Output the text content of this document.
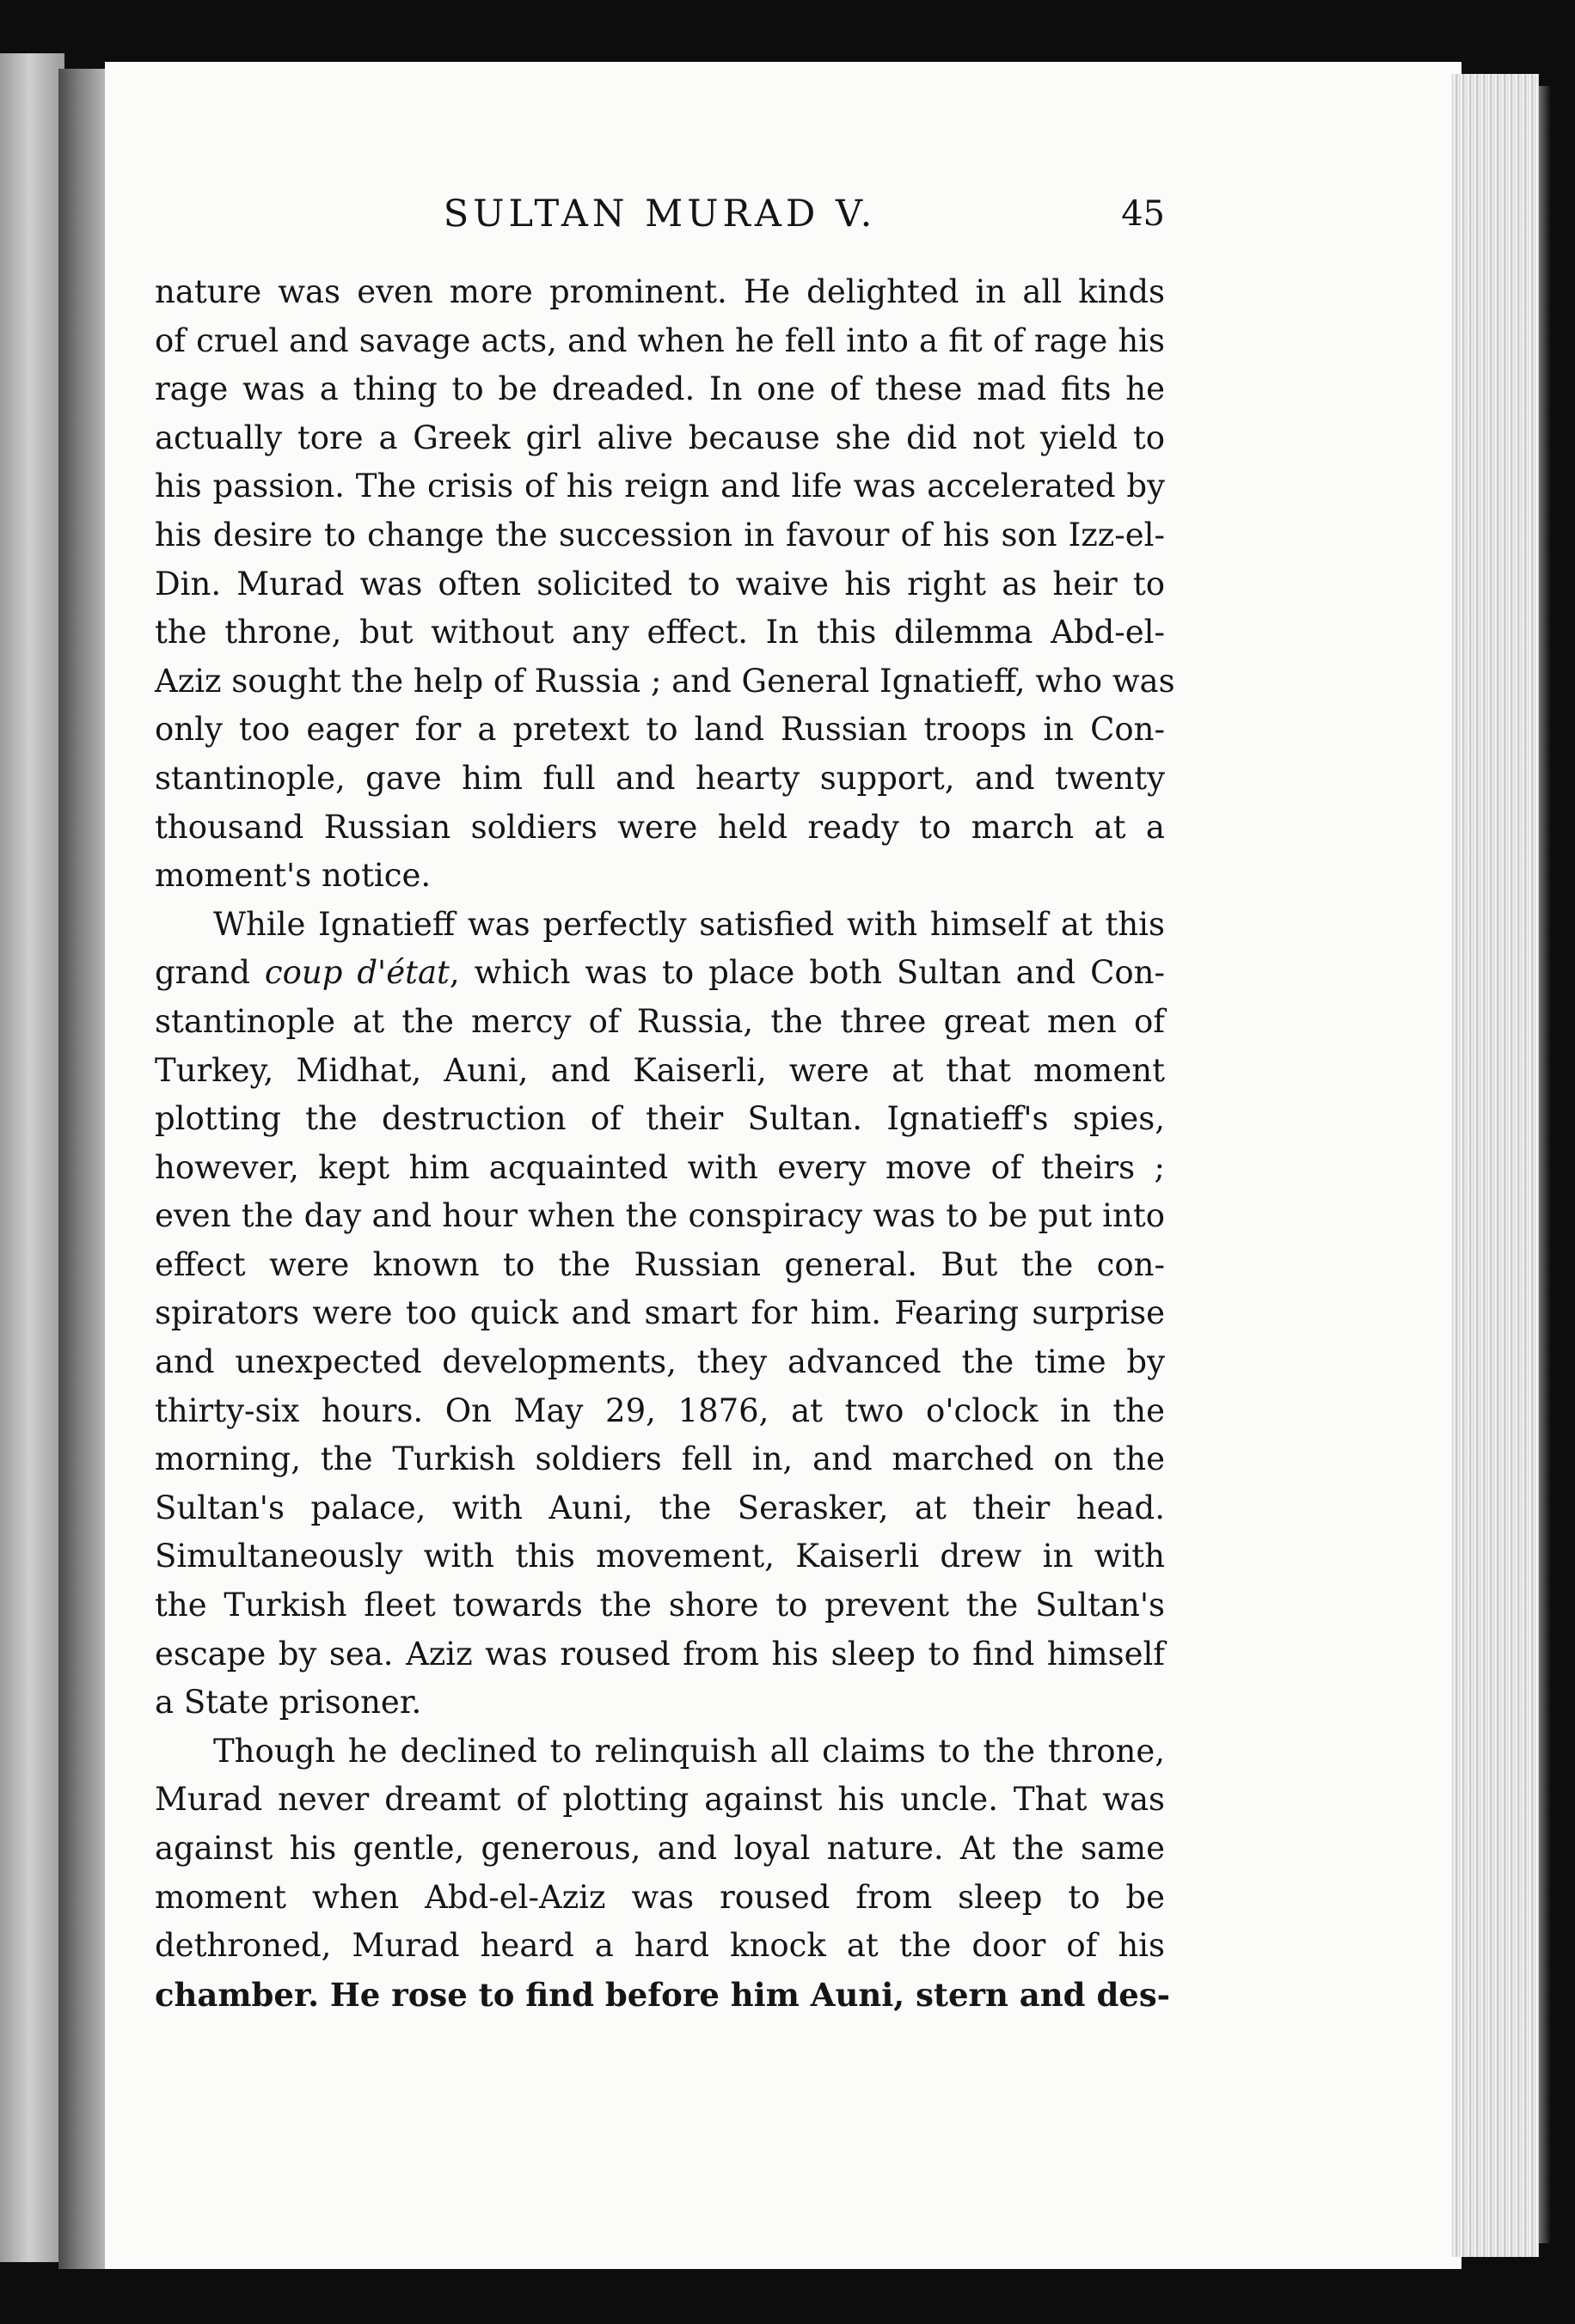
SULTAN MURAD V.	45
nature was even more prominent. He delighted in all kinds
of cruel and savage acts, and when he fell into a fit of rage his
rage was a thing to be dreaded. In one of these mad fits he
actually tore a Greek girl alive because she did not yield to
his passion. The crisis of his reign and life was accelerated by
his desire to change the succession in favour of his son Izz-el-
Din. Murad was often solicited to waive his right as heir to
the throne, but without any effect. In this dilemma Abd-el-
Aziz sought the help of Russia ; and General Ignatieff, who was
only too eager for a pretext to land Russian troops in Con-
stantinople, gave him full and hearty support, and twenty
thousand Russian soldiers were held ready to march at a
moment's notice.
While Ignatieff was perfectly satisfied with himself at this
grand coup d'état, which was to place both Sultan and Con-
stantinople at the mercy of Russia, the three great men of
Turkey, Midhat, Auni, and Kaiserli, were at that moment
plotting the destruction of their Sultan. Ignatieff's spies,
however, kept him acquainted with every move of theirs ;
even the day and hour when the conspiracy was to be put into
effect were known to the Russian general. But the con-
spirators were too quick and smart for him. Fearing surprise
and unexpected developments, they advanced the time by
thirty-six hours. On May 29, 1876, at two o'clock in the
morning, the Turkish soldiers fell in, and marched on the
Sultan's palace, with Auni, the Serasker, at their head.
Simultaneously with this movement, Kaiserli drew in with
the Turkish fleet towards the shore to prevent the Sultan's
escape by sea. Aziz was roused from his sleep to find himself
a State prisoner.
Though he declined to relinquish all claims to the throne,
Murad never dreamt of plotting against his uncle. That was
against his gentle, generous, and loyal nature. At the same
moment when Abd-el-Aziz was roused from sleep to be
dethroned, Murad heard a hard knock at the door of his
chamber. He rose to find before him Auni, stern and des-
